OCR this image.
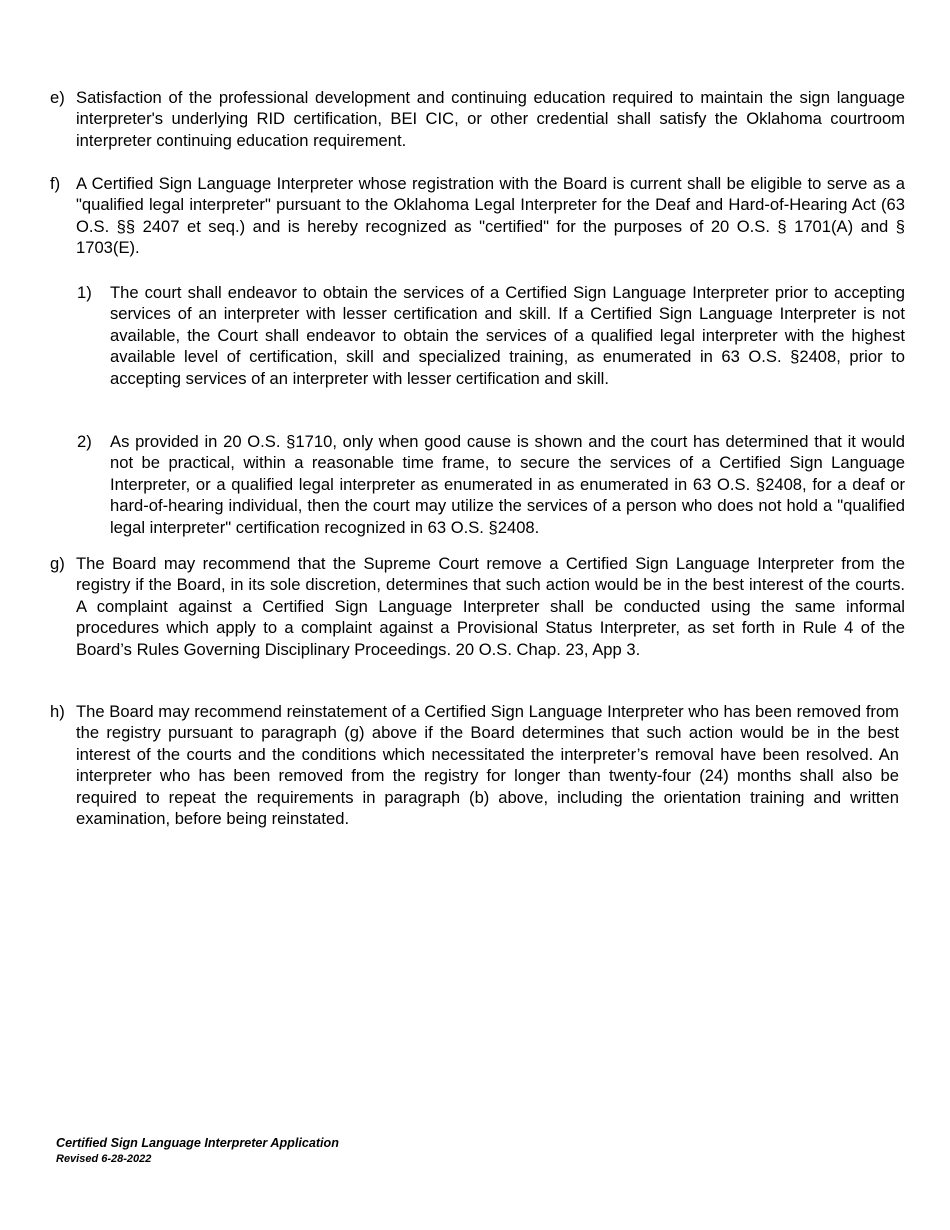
e) Satisfaction of the professional development and continuing education required to maintain the sign language interpreter's underlying RID certification, BEI CIC, or other credential shall satisfy the Oklahoma courtroom interpreter continuing education requirement.
f) A Certified Sign Language Interpreter whose registration with the Board is current shall be eligible to serve as a "qualified legal interpreter" pursuant to the Oklahoma Legal Interpreter for the Deaf and Hard-of-Hearing Act (63 O.S. §§ 2407 et seq.) and is hereby recognized as "certified" for the purposes of 20 O.S. § 1701(A) and § 1703(E).
1) The court shall endeavor to obtain the services of a Certified Sign Language Interpreter prior to accepting services of an interpreter with lesser certification and skill. If a Certified Sign Language Interpreter is not available, the Court shall endeavor to obtain the services of a qualified legal interpreter with the highest available level of certification, skill and specialized training, as enumerated in 63 O.S. §2408, prior to accepting services of an interpreter with lesser certification and skill.
2) As provided in 20 O.S. §1710, only when good cause is shown and the court has determined that it would not be practical, within a reasonable time frame, to secure the services of a Certified Sign Language Interpreter, or a qualified legal interpreter as enumerated in as enumerated in 63 O.S. §2408, for a deaf or hard-of-hearing individual, then the court may utilize the services of a person who does not hold a "qualified legal interpreter" certification recognized in 63 O.S. §2408.
g) The Board may recommend that the Supreme Court remove a Certified Sign Language Interpreter from the registry if the Board, in its sole discretion, determines that such action would be in the best interest of the courts. A complaint against a Certified Sign Language Interpreter shall be conducted using the same informal procedures which apply to a complaint against a Provisional Status Interpreter, as set forth in Rule 4 of the Board’s Rules Governing Disciplinary Proceedings. 20 O.S. Chap. 23, App 3.
h) The Board may recommend reinstatement of a Certified Sign Language Interpreter who has been removed from the registry pursuant to paragraph (g) above if the Board determines that such action would be in the best interest of the courts and the conditions which necessitated the interpreter’s removal have been resolved. An interpreter who has been removed from the registry for longer than twenty-four (24) months shall also be required to repeat the requirements in paragraph (b) above, including the orientation training and written examination, before being reinstated.
Certified Sign Language Interpreter Application
Revised 6-28-2022
